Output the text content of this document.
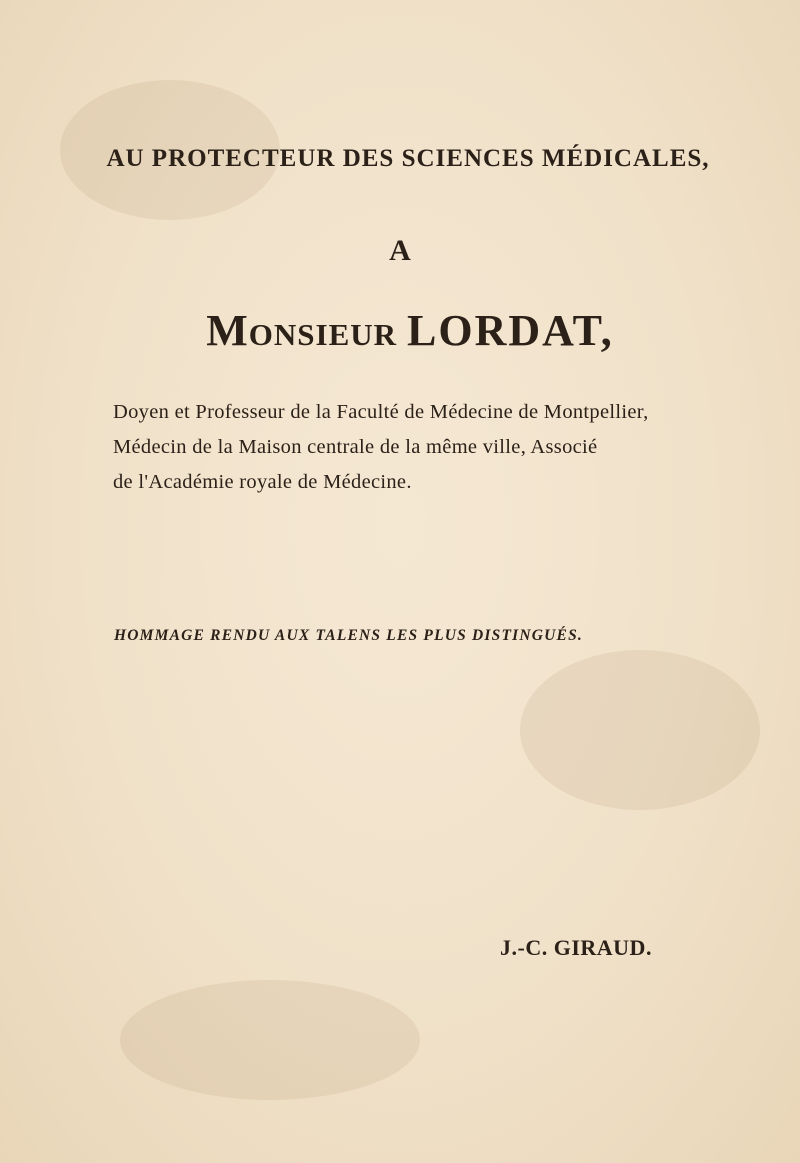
AU PROTECTEUR DES SCIENCES MÉDICALES,
A
Monsieur LORDAT,
Doyen et Professeur de la Faculté de Médecine de Montpellier,
Médecin de la Maison centrale de la même ville, Associé
de l'Académie royale de Médecine.
HOMMAGE RENDU AUX TALENS LES PLUS DISTINGUÉS.
J.-C. GIRAUD.
